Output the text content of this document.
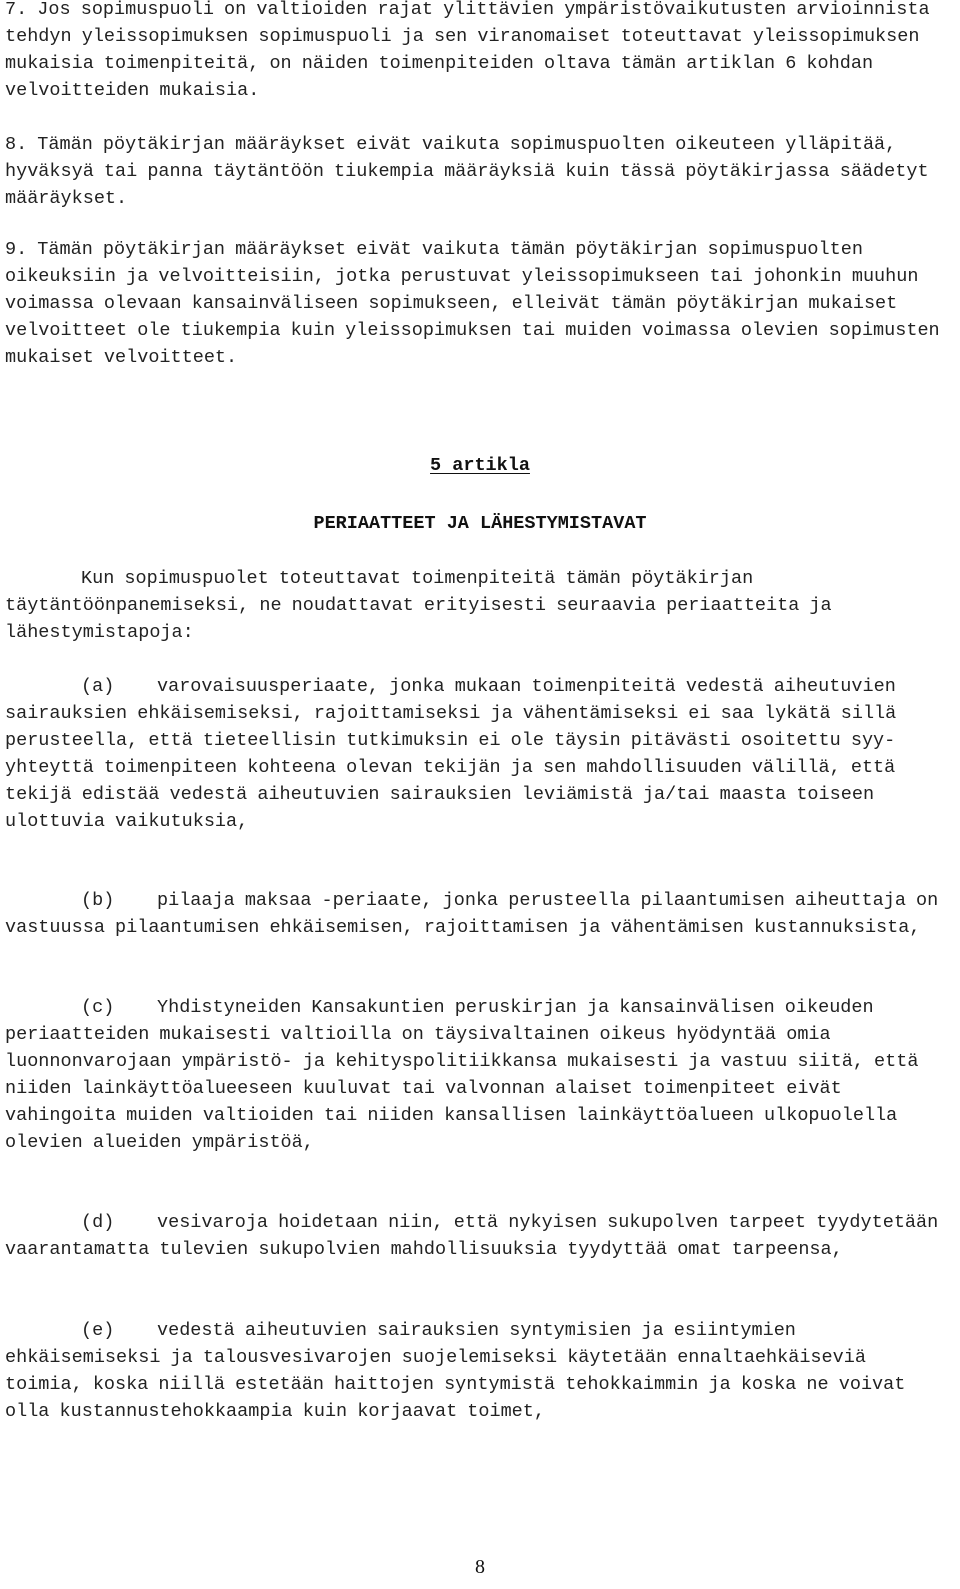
7. Jos sopimuspuoli on valtioiden rajat ylittävien ympäristövaikutusten arvioinnista tehdyn yleissopimuksen sopimuspuoli ja sen viranomaiset toteuttavat yleissopimuksen mukaisia toimenpiteitä, on näiden toimenpiteiden oltava tämän artiklan 6 kohdan velvoitteiden mukaisia.

8. Tämän pöytäkirjan määräykset eivät vaikuta sopimuspuolten oikeuteen ylläpitää, hyväksyä tai panna täytäntöön tiukempia määräyksiä kuin tässä pöytäkirjassa säädetyt määräykset.

9. Tämän pöytäkirjan määräykset eivät vaikuta tämän pöytäkirjan sopimuspuolten oikeuksiin ja velvoitteisiin, jotka perustuvat yleissopimukseen tai johonkin muuhun voimassa olevaan kansainväliseen sopimukseen, elleivät tämän pöytäkirjan mukaiset velvoitteet ole tiukempia kuin yleissopimuksen tai muiden voimassa olevien sopimusten mukaiset velvoitteet.

5 artikla
PERIAATTEET JA LÄHESTYMISTAVAT

Kun sopimuspuolet toteuttavat toimenpiteitä tämän pöytäkirjan täytäntöönpanemiseksi, ne noudattavat erityisesti seuraavia periaatteita ja lähestymistapoja:

(a) varovaisuusperiaate, jonka mukaan toimenpiteitä vedestä aiheutuvien sairauksien ehkäisemiseksi, rajoittamiseksi ja vähentämiseksi ei saa lykätä sillä perusteella, että tieteellisin tutkimuksin ei ole täysin pitävästi osoitettu syy-yhteyttä toimenpiteen kohteena olevan tekijän ja sen mahdollisuuden välillä, että tekijä edistää vedestä aiheutuvien sairauksien leviämistä ja/tai maasta toiseen ulottuvia vaikutuksia,

(b) pilaaja maksaa -periaate, jonka perusteella pilaantumisen aiheuttaja on vastuussa pilaantumisen ehkäisemisen, rajoittamisen ja vähentämisen kustannuksista,

(c) Yhdistyneiden Kansakuntien peruskirjan ja kansainvälisen oikeuden periaatteiden mukaisesti valtioilla on täysivaltainen oikeus hyödyntää omia luonnonvarojaan ympäristö- ja kehityspolitiikkansa mukaisesti ja vastuu siitä, että niiden lainkäyttöalueeseen kuuluvat tai valvonnan alaiset toimenpiteet eivät vahingoita muiden valtioiden tai niiden kansallisen lainkäyttöalueen ulkopuolella olevien alueiden ympäristöä,

(d) vesivaroja hoidetaan niin, että nykyisen sukupolven tarpeet tyydytetään vaarantamatta tulevien sukupolvien mahdollisuuksia tyydyttää omat tarpeensa,

(e) vedestä aiheutuvien sairauksien syntymisien ja esiintymien ehkäisemiseksi ja talousvesivarojen suojelemiseksi käytetään ennaltaehkäiseviä toimia, koska niillä estetään haittojen syntymistä tehokkaimmin ja koska ne voivat olla kustannustehokkaampia kuin korjaavat toimet,

8
